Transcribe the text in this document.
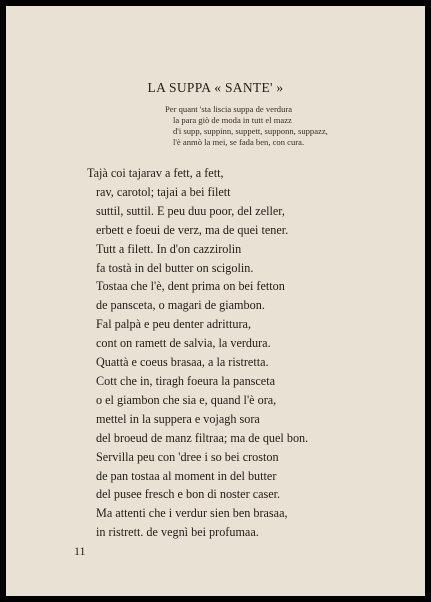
LA SUPPA « SANTE' »
Per quant 'sta liscia suppa de verdura
la para giò de moda in tutt el mazz
d'i supp, suppinn, suppett, supponn, suppazz,
l'è anmò la mei, se fada ben, con cura.
Tajà coi tajarav a fett, a fett,
rav, carotol; tajai a bei filett
suttil, suttil. E peu duu poor, del zeller,
erbett e foeui de verz, ma de quei tener.
Tutt a filett. In d'on cazzirolin
fa tostà in del butter on scigolin.
Tostaa che l'è, dent prima on bei fetton
de pansceta, o magari de giambon.
Fal palpà e peu denter adrittura,
cont on ramett de salvia, la verdura.
Quattà e coeus brasaa, a la ristretta.
Cott che in, tiragh foeura la pansceta
o el giambon che sia e, quand l'è ora,
mettel in la suppera e vojagh sora
del broeud de manz filtraa; ma de quel bon.
Servilla peu con 'dree i so bei croston
de pan tostaa al moment in del butter
del pusee fresch e bon di noster caser.
Ma attenti che i verdur sien ben brasaa,
in ristrett. de vegnì bei profumaa.
11
